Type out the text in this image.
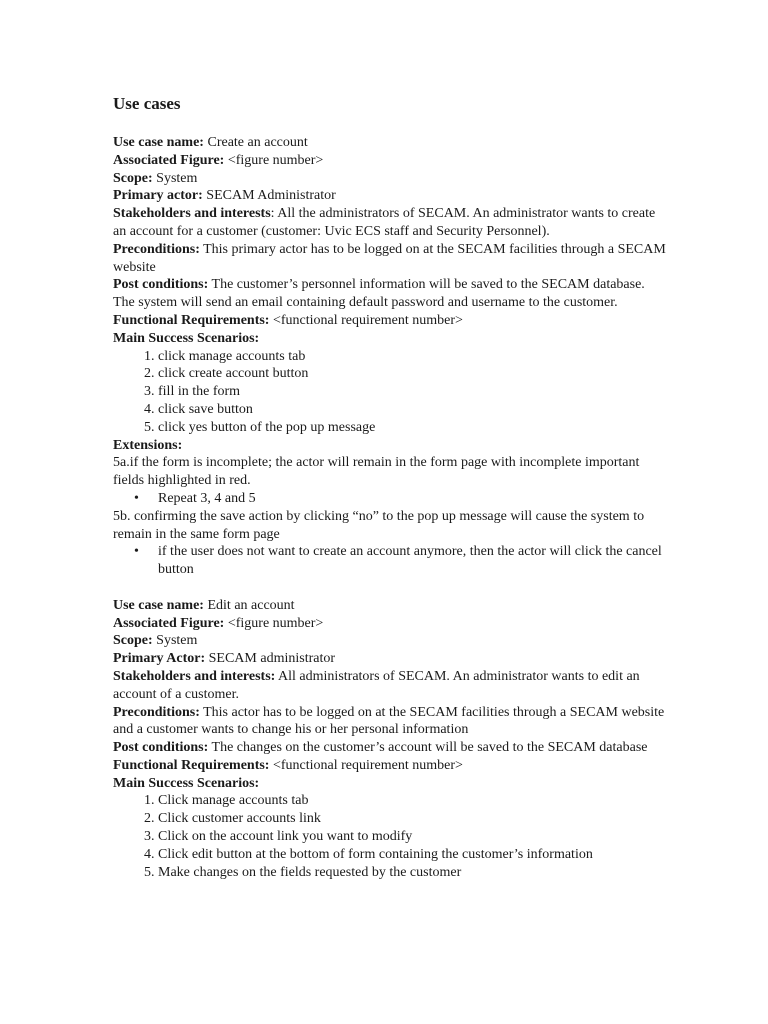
Use cases

Use case name: Create an account

Associated Figure: <figure number>

Scope: System

Primary actor: SECAM Administrator

Stakeholders and interests: All the administrators of SECAM. An administrator wants to create an account for a customer (customer: Uvic ECS staff and Security Personnel).

Preconditions: This primary actor has to be logged on at the SECAM facilities through a SECAM website

Post conditions: The customer’s personnel information will be saved to the SECAM database. The system will send an email containing default password and username to the customer.

Functional Requirements: <functional requirement number>

Main Success Scenarios:

1. click manage accounts tab
2. click create account button
3. fill in the form
4. click save button
5. click yes button of the pop up message

Extensions:

5a.if the form is incomplete; the actor will remain in the form page with incomplete important fields highlighted in red.

• Repeat 3, 4 and 5

5b. confirming the save action by clicking “no” to the pop up message will cause the system to remain in the same form page

• if the user does not want to create an account anymore, then the actor will click the cancel button

Use case name: Edit an account

Associated Figure: <figure number>

Scope: System

Primary Actor: SECAM administrator

Stakeholders and interests: All administrators of SECAM. An administrator wants to edit an account of a customer.

Preconditions: This actor has to be logged on at the SECAM facilities through a SECAM website and a customer wants to change his or her personal information

Post conditions: The changes on the customer’s account will be saved to the SECAM database

Functional Requirements: <functional requirement number>

Main Success Scenarios:

1. Click manage accounts tab
2. Click customer accounts link
3. Click on the account link you want to modify
4. Click edit button at the bottom of form containing the customer’s information
5. Make changes on the fields requested by the customer
